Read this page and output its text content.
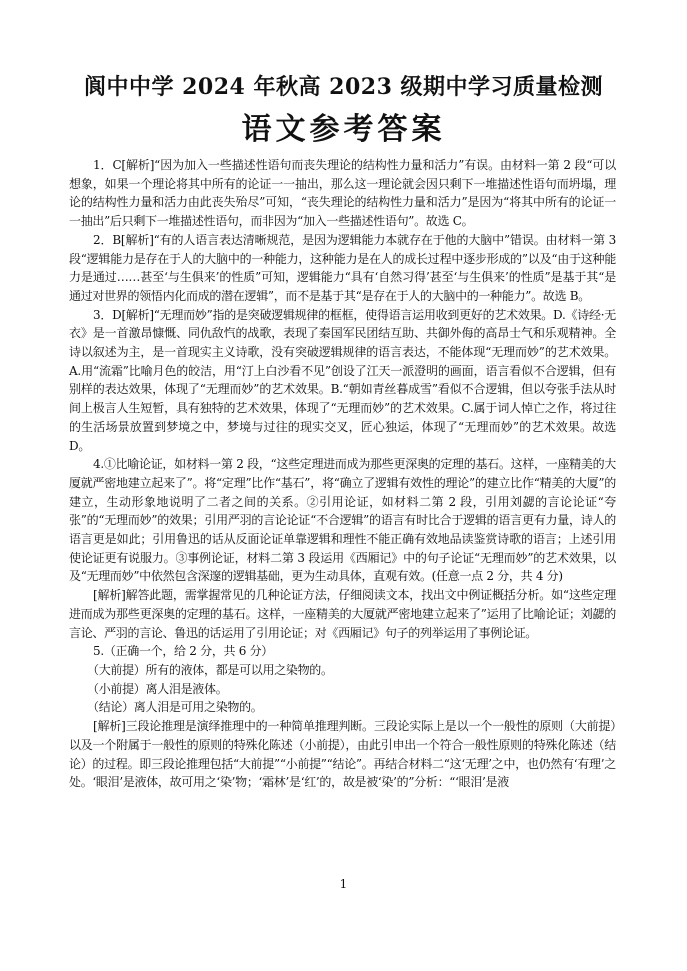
阆中中学 2024 年秋高 2023 级期中学习质量检测
语文参考答案

1．C[解析]“因为加入一些描述性语句而丧失理论的结构性力量和活力”有误。由材料一第 2 段“可以想象，如果一个理论将其中所有的论证一一抽出，那么这一理论就会因只剩下一堆描述性语句而坍塌，理论的结构性力量和活力由此丧失殆尽”可知，“丧失理论的结构性力量和活力”是因为“将其中所有的论证一一抽出”后只剩下一堆描述性语句，而非因为“加入一些描述性语句”。故选 C。

2．B[解析]“有的人语言表达清晰规范，是因为逻辑能力本就存在于他的大脑中”错误。由材料一第 3 段“逻辑能力是存在于人的大脑中的一种能力，这种能力是在人的成长过程中逐步形成的”以及“由于这种能力是通过……甚至‘与生俱来’的性质”可知，逻辑能力“具有‘自然习得’甚至‘与生俱来’的性质”是基于其“是通过对世界的领悟内化而成的潜在逻辑”，而不是基于其“是存在于人的大脑中的一种能力”。故选 B。

3．D[解析]“无理而妙”指的是突破逻辑规律的框框，使得语言运用收到更好的艺术效果。D.《诗经·无衣》是一首激昂慷慨、同仇敌忾的战歌，表现了秦国军民团结互助、共御外侮的高昂士气和乐观精神。全诗以叙述为主，是一首现实主义诗歌，没有突破逻辑规律的语言表达，不能体现“无理而妙”的艺术效果。A.用“流霜”比喻月色的皎洁，用“汀上白沙看不见”创设了江天一派澄明的画面，语言看似不合逻辑，但有别样的表达效果，体现了“无理而妙”的艺术效果。B.“朝如青丝暮成雪”看似不合逻辑，但以夸张手法从时间上极言人生短暂，具有独特的艺术效果，体现了“无理而妙”的艺术效果。C.属于词人悼亡之作，将过往的生活场景放置到梦境之中，梦境与过往的现实交叉，匠心独运，体现了“无理而妙”的艺术效果。故选 D。

4.①比喻论证，如材料一第 2 段，“这些定理进而成为那些更深奥的定理的基石。这样，一座精美的大厦就严密地建立起来了”。将“定理”比作“基石”，将“确立了逻辑有效性的理论”的建立比作“精美的大厦”的建立，生动形象地说明了二者之间的关系。②引用论证，如材料二第 2 段，引用刘勰的言论论证“夸张”的“无理而妙”的效果；引用严羽的言论论证“不合逻辑”的语言有时比合于逻辑的语言更有力量，诗人的语言更是如此；引用鲁迅的话从反面论证单靠逻辑和理性不能正确有效地品读鉴赏诗歌的语言；上述引用使论证更有说服力。③事例论证，材料二第 3 段运用《西厢记》中的句子论证“无理而妙”的艺术效果，以及“无理而妙”中依然包含深邃的逻辑基础，更为生动具体，直观有效。(任意一点 2 分，共 4 分)

[解析]解答此题，需掌握常见的几种论证方法，仔细阅读文本，找出文中例证概括分析。如“这些定理进而成为那些更深奥的定理的基石。这样，一座精美的大厦就严密地建立起来了”运用了比喻论证；刘勰的言论、严羽的言论、鲁迅的话运用了引用论证；对《西厢记》句子的列举运用了事例论证。

5.（正确一个，给 2 分，共 6 分）

（大前提）所有的液体，都是可以用之染物的。

（小前提）离人泪是液体。

（结论）离人泪是可用之染物的。

[解析]三段论推理是演绎推理中的一种简单推理判断。三段论实际上是以一个一般性的原则（大前提）以及一个附属于一般性的原则的特殊化陈述（小前提），由此引申出一个符合一般性原则的特殊化陈述（结论）的过程。即三段论推理包括“大前提”“小前提”“结论”。再结合材料二“这‘无理’之中，也仍然有‘有理’之处。‘眼泪’是液体，故可用之‘染’物；‘霜林’是‘红’的，故是被‘染’的”分析：“‘眼泪’是液

1
